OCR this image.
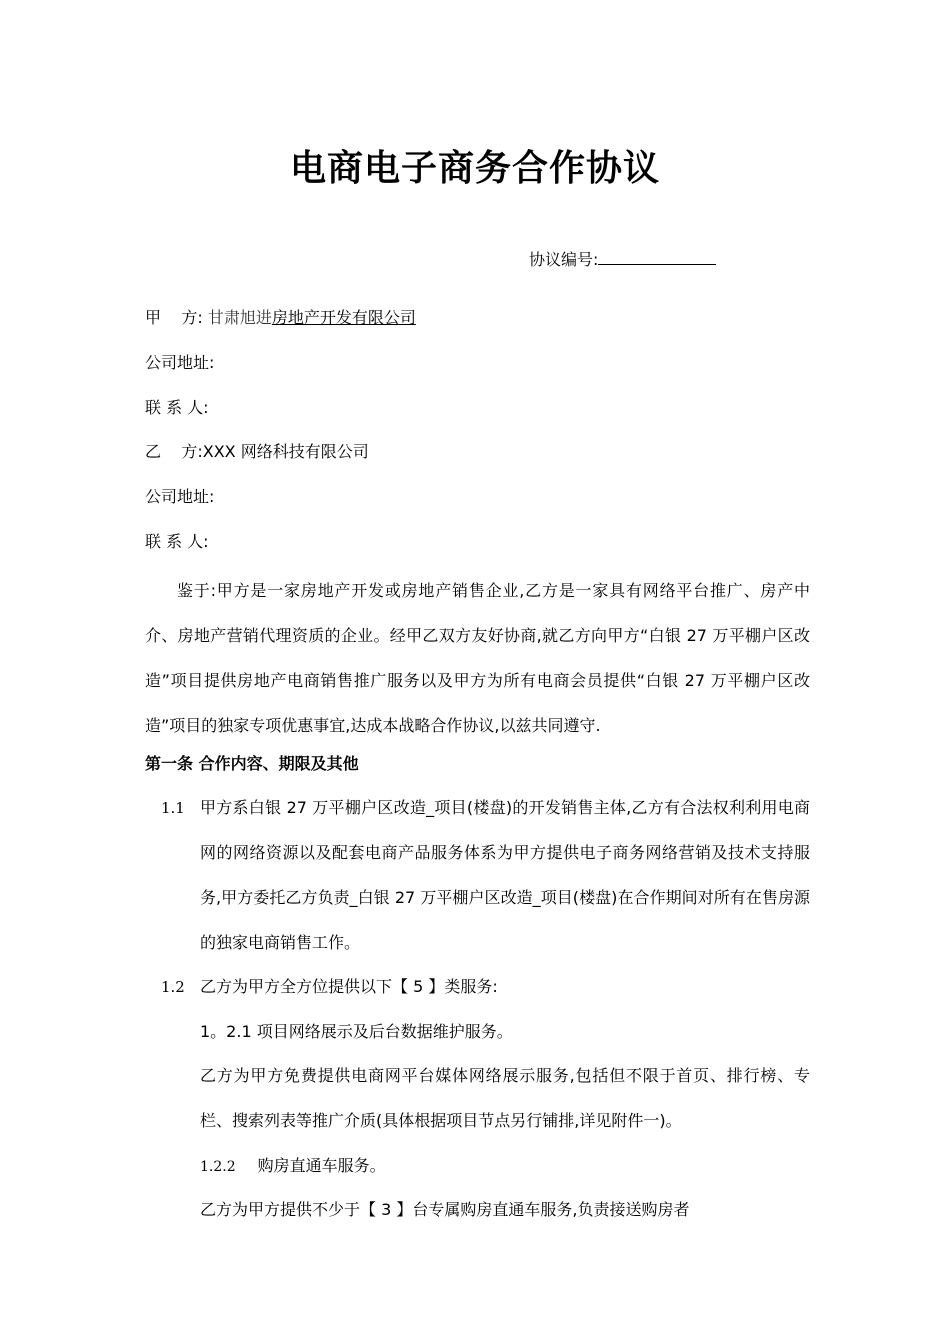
电商电子商务合作协议
协议编号:
甲    方: 甘肃旭进房地产开发有限公司
公司地址:
联 系 人:
乙    方:XXX 网络科技有限公司
公司地址:
联 系 人:

鉴于:甲方是一家房地产开发或房地产销售企业,乙方是一家具有网络平台推广、房产中介、房地产营销代理资质的企业。经甲乙双方友好协商,就乙方向甲方“白银 27 万平棚户区改造”项目提供房地产电商销售推广服务以及甲方为所有电商会员提供“白银 27 万平棚户区改造”项目的独家专项优惠事宜,达成本战略合作协议,以兹共同遵守.

第一条 合作内容、期限及其他
1.1 甲方系白银 27 万平棚户区改造_项目(楼盘)的开发销售主体,乙方有合法权利利用电商网的网络资源以及配套电商产品服务体系为甲方提供电子商务网络营销及技术支持服务,甲方委托乙方负责_白银 27 万平棚户区改造_项目(楼盘)在合作期间对所有在售房源的独家电商销售工作。

1.2 乙方为甲方全方位提供以下【 5 】类服务:

1。2.1 项目网络展示及后台数据维护服务。

乙方为甲方免费提供电商网平台媒体网络展示服务,包括但不限于首页、排行榜、专栏、搜索列表等推广介质(具体根据项目节点另行铺排,详见附件一)。

1.2.2 购房直通车服务。

乙方为甲方提供不少于【 3 】台专属购房直通车服务,负责接送购房者
